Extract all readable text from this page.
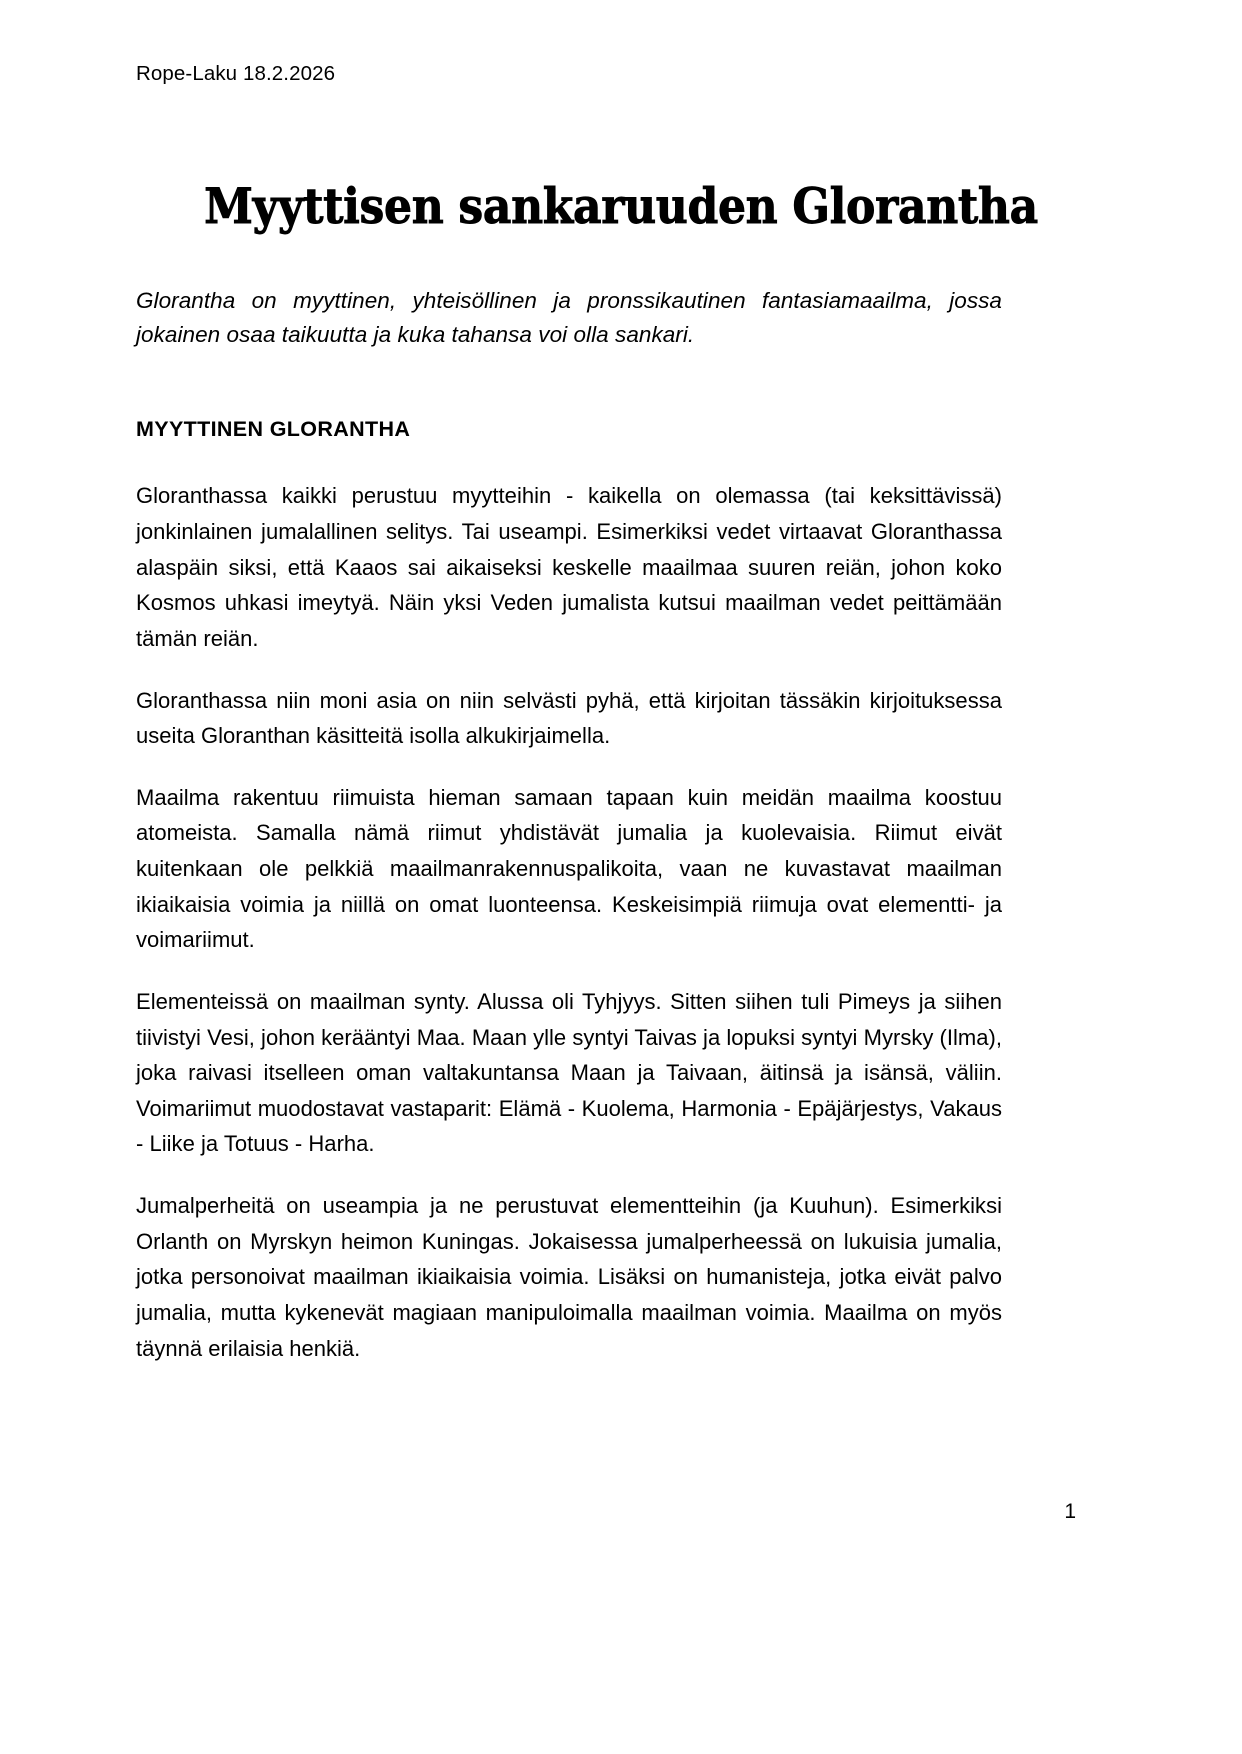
Rope-Laku 18.2.2026
Myyttisen sankaruuden Glorantha

Glorantha on myyttinen, yhteisöllinen ja pronssikautinen fantasiamaailma, jossa jokainen osaa taikuutta ja kuka tahansa voi olla sankari.

MYYTTINEN GLORANTHA

Gloranthassa kaikki perustuu myytteihin - kaikella on olemassa (tai keksittävissä) jonkinlainen jumalallinen selitys. Tai useampi. Esimerkiksi vedet virtaavat Gloranthassa alaspäin siksi, että Kaaos sai aikaiseksi keskelle maailmaa suuren reiän, johon koko Kosmos uhkasi imeytyä. Näin yksi Veden jumalista kutsui maailman vedet peittämään tämän reiän.

Gloranthassa niin moni asia on niin selvästi pyhä, että kirjoitan tässäkin kirjoituksessa useita Gloranthan käsitteitä isolla alkukirjaimella.

Maailma rakentuu riimuista hieman samaan tapaan kuin meidän maailma koostuu atomeista. Samalla nämä riimut yhdistävät jumalia ja kuolevaisia. Riimut eivät kuitenkaan ole pelkkiä maailmanrakennuspalikoita, vaan ne kuvastavat maailman ikiaikaisia voimia ja niillä on omat luonteensa. Keskeisimpiä riimuja ovat elementti- ja voimariimut.

Elementeissä on maailman synty. Alussa oli Tyhjyys. Sitten siihen tuli Pimeys ja siihen tiivistyi Vesi, johon kerääntyi Maa. Maan ylle syntyi Taivas ja lopuksi syntyi Myrsky (Ilma), joka raivasi itselleen oman valtakuntansa Maan ja Taivaan, äitinsä ja isänsä, väliin. Voimariimut muodostavat vastaparit: Elämä - Kuolema, Harmonia - Epäjärjestys, Vakaus - Liike ja Totuus - Harha.

Jumalperheitä on useampia ja ne perustuvat elementteihin (ja Kuuhun). Esimerkiksi Orlanth on Myrskyn heimon Kuningas. Jokaisessa jumalperheessä on lukuisia jumalia, jotka personoivat maailman ikiaikaisia voimia. Lisäksi on humanisteja, jotka eivät palvo jumalia, mutta kykenevät magiaan manipuloimalla maailman voimia. Maailma on myös täynnä erilaisia henkiä.

1
